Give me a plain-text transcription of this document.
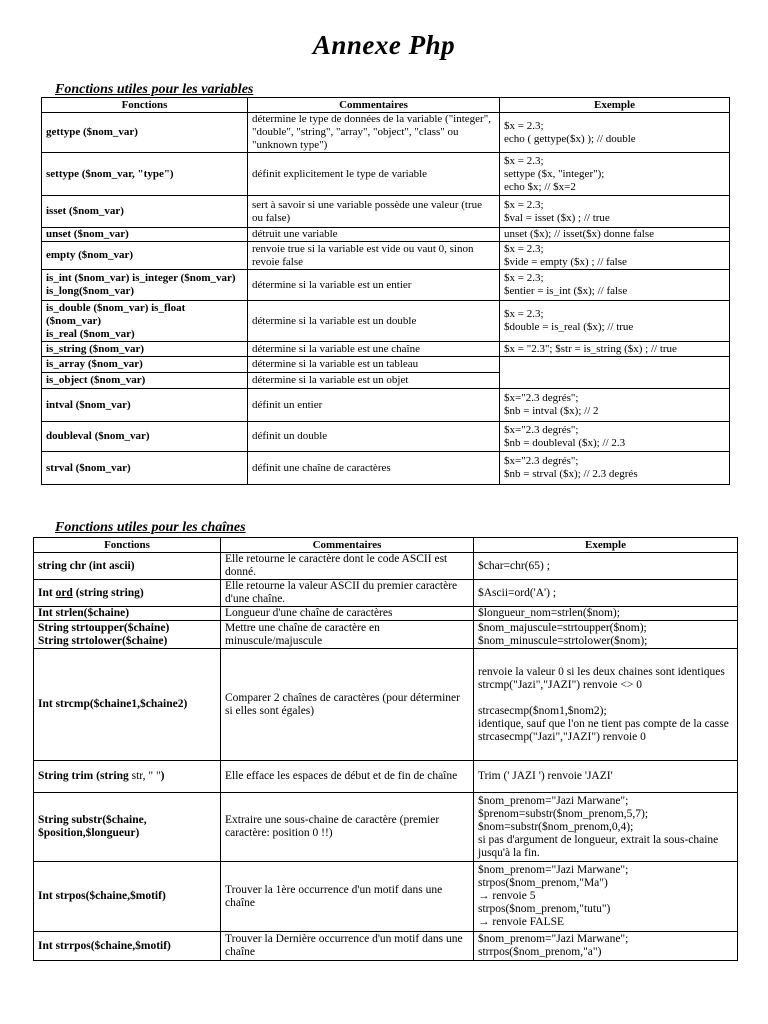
Annexe Php
Fonctions utiles pour les variables
Fonctions	Commentaires	Exemple
gettype ($nom_var)	détermine le type de données de la variable ("integer", "double", "string", "array", "object", "class" ou "unknown type")	$x = 2.3;
echo ( gettype($x) ); // double
settype ($nom_var, "type")	définit explicitement le type de variable	$x = 2.3;
settype ($x, "integer");
echo $x; // $x=2
isset ($nom_var)	sert à savoir si une variable possède une valeur (true ou false)	$x = 2.3;
$val = isset ($x) ; // true
unset ($nom_var)	détruit une variable	unset ($x); // isset($x) donne false
empty ($nom_var)	renvoie true si la variable est vide ou vaut 0, sinon revoie false	$x = 2.3;
$vide = empty ($x) ; // false
is_int ($nom_var) is_integer ($nom_var) is_long($nom_var)	détermine si la variable est un entier	$x = 2.3;
$entier = is_int ($x); // false
is_double ($nom_var) is_float ($nom_var)
is_real ($nom_var)	détermine si la variable est un double	$x = 2.3;
$double = is_real ($x); // true
is_string ($nom_var)	détermine si la variable est une chaîne	$x = "2.3"; $str = is_string ($x) ; // true
is_array ($nom_var)	détermine si la variable est un tableau	
is_object ($nom_var)	détermine si la variable est un objet	
intval ($nom_var)	définit un entier	$x="2.3 degrés";
$nb = intval ($x); // 2
doubleval ($nom_var)	définit un double	$x="2.3 degrés";
$nb = doubleval ($x); // 2.3
strval ($nom_var)	définit une chaîne de caractères	$x="2.3 degrés";
$nb = strval ($x); // 2.3 degrés
Fonctions utiles pour les chaînes
Fonctions	Commentaires	Exemple
string chr (int ascii)	Elle retourne le caractère dont le code ASCII est donné.	$char=chr(65) ;
Int ord (string string)	Elle retourne la valeur ASCII du premier caractère d'une chaîne.	$Ascii=ord('A') ;
Int strlen($chaine)	Longueur d'une chaîne de caractères	$longueur_nom=strlen($nom);
String strtoupper($chaine)
String strtolower($chaine)	Mettre une chaîne de caractère en minuscule/majuscule	$nom_majuscule=strtoupper($nom);
$nom_minuscule=strtolower($nom);
Int strcmp($chaine1,$chaine2)	Comparer 2 chaînes de caractères (pour déterminer si elles sont égales)	renvoie la valeur 0 si les deux chaines sont identiques
strcmp("Jazi","JAZI") renvoie <> 0

strcasecmp($nom1,$nom2);
identique, sauf que l'on ne tient pas compte de la casse
strcasecmp("Jazi","JAZI") renvoie 0
String trim (string str, " ")	Elle efface les espaces de début et de fin de chaîne	Trim (' JAZI ') renvoie 'JAZI'
String substr($chaine,
$position,$longueur)	Extraire une sous-chaine de caractère (premier caractère: position 0 !!)	$nom_prenom="Jazi Marwane";
$prenom=substr($nom_prenom,5,7);
$nom=substr($nom_prenom,0,4);
si pas d'argument de longueur, extrait la sous-chaine jusqu'à la fin.
Int strpos($chaine,$motif)	Trouver la 1ère occurrence d'un motif dans une chaîne	$nom_prenom="Jazi Marwane";
strpos($nom_prenom,"Ma")
→ renvoie 5
strpos($nom_prenom,"tutu")
→ renvoie FALSE
Int strrpos($chaine,$motif)	Trouver la Dernière occurrence d'un motif dans une chaîne	$nom_prenom="Jazi Marwane";
strrpos($nom_prenom,"a")
